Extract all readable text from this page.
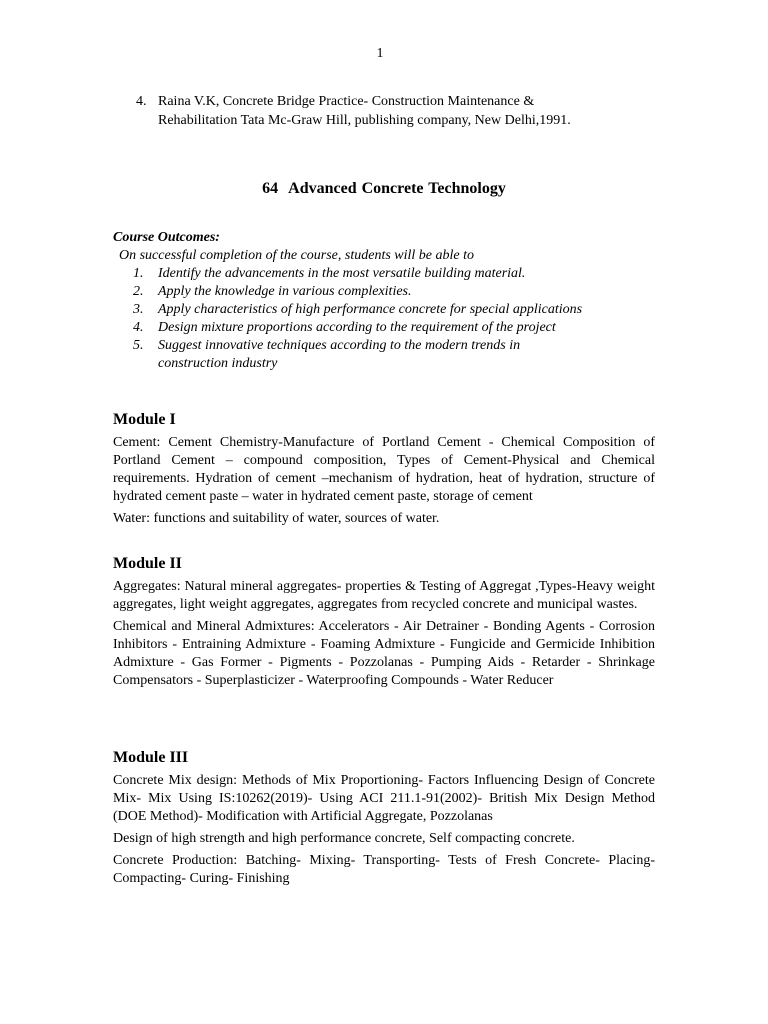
1
4. Raina V.K, Concrete Bridge Practice- Construction Maintenance &
Rehabilitation Tata Mc-Graw Hill, publishing company, New Delhi,1991.
64 Advanced Concrete Technology
Course Outcomes:
On successful completion of the course, students will be able to
1. Identify the advancements in the most versatile building material.
2. Apply the knowledge in various complexities.
3. Apply characteristics of high performance concrete for special applications
4. Design mixture proportions according to the requirement of the project
5. Suggest innovative techniques according to the modern trends in construction industry
Module I

Cement: Cement Chemistry-Manufacture of Portland Cement - Chemical Composition of Portland Cement – compound composition, Types of Cement-Physical and Chemical requirements. Hydration of cement –mechanism of hydration, heat of hydration, structure of hydrated cement paste – water in hydrated cement paste, storage of cement

Water: functions and suitability of water, sources of water.

Module II

Aggregates: Natural mineral aggregates- properties & Testing of Aggregat ,Types-Heavy weight aggregates, light weight aggregates, aggregates from recycled concrete and municipal wastes.

Chemical and Mineral Admixtures: Accelerators - Air Detrainer - Bonding Agents - Corrosion Inhibitors - Entraining Admixture - Foaming Admixture - Fungicide and Germicide Inhibition Admixture - Gas Former - Pigments - Pozzolanas - Pumping Aids - Retarder - Shrinkage Compensators - Superplasticizer - Waterproofing Compounds - Water Reducer

Module III

Concrete Mix design: Methods of Mix Proportioning- Factors Influencing Design of Concrete Mix- Mix Using IS:10262(2019)- Using ACI 211.1-91(2002)- British Mix Design Method (DOE Method)- Modification with Artificial Aggregate, Pozzolanas

Design of high strength and high performance concrete, Self compacting concrete.

Concrete Production: Batching- Mixing- Transporting- Tests of Fresh Concrete- Placing- Compacting- Curing- Finishing
